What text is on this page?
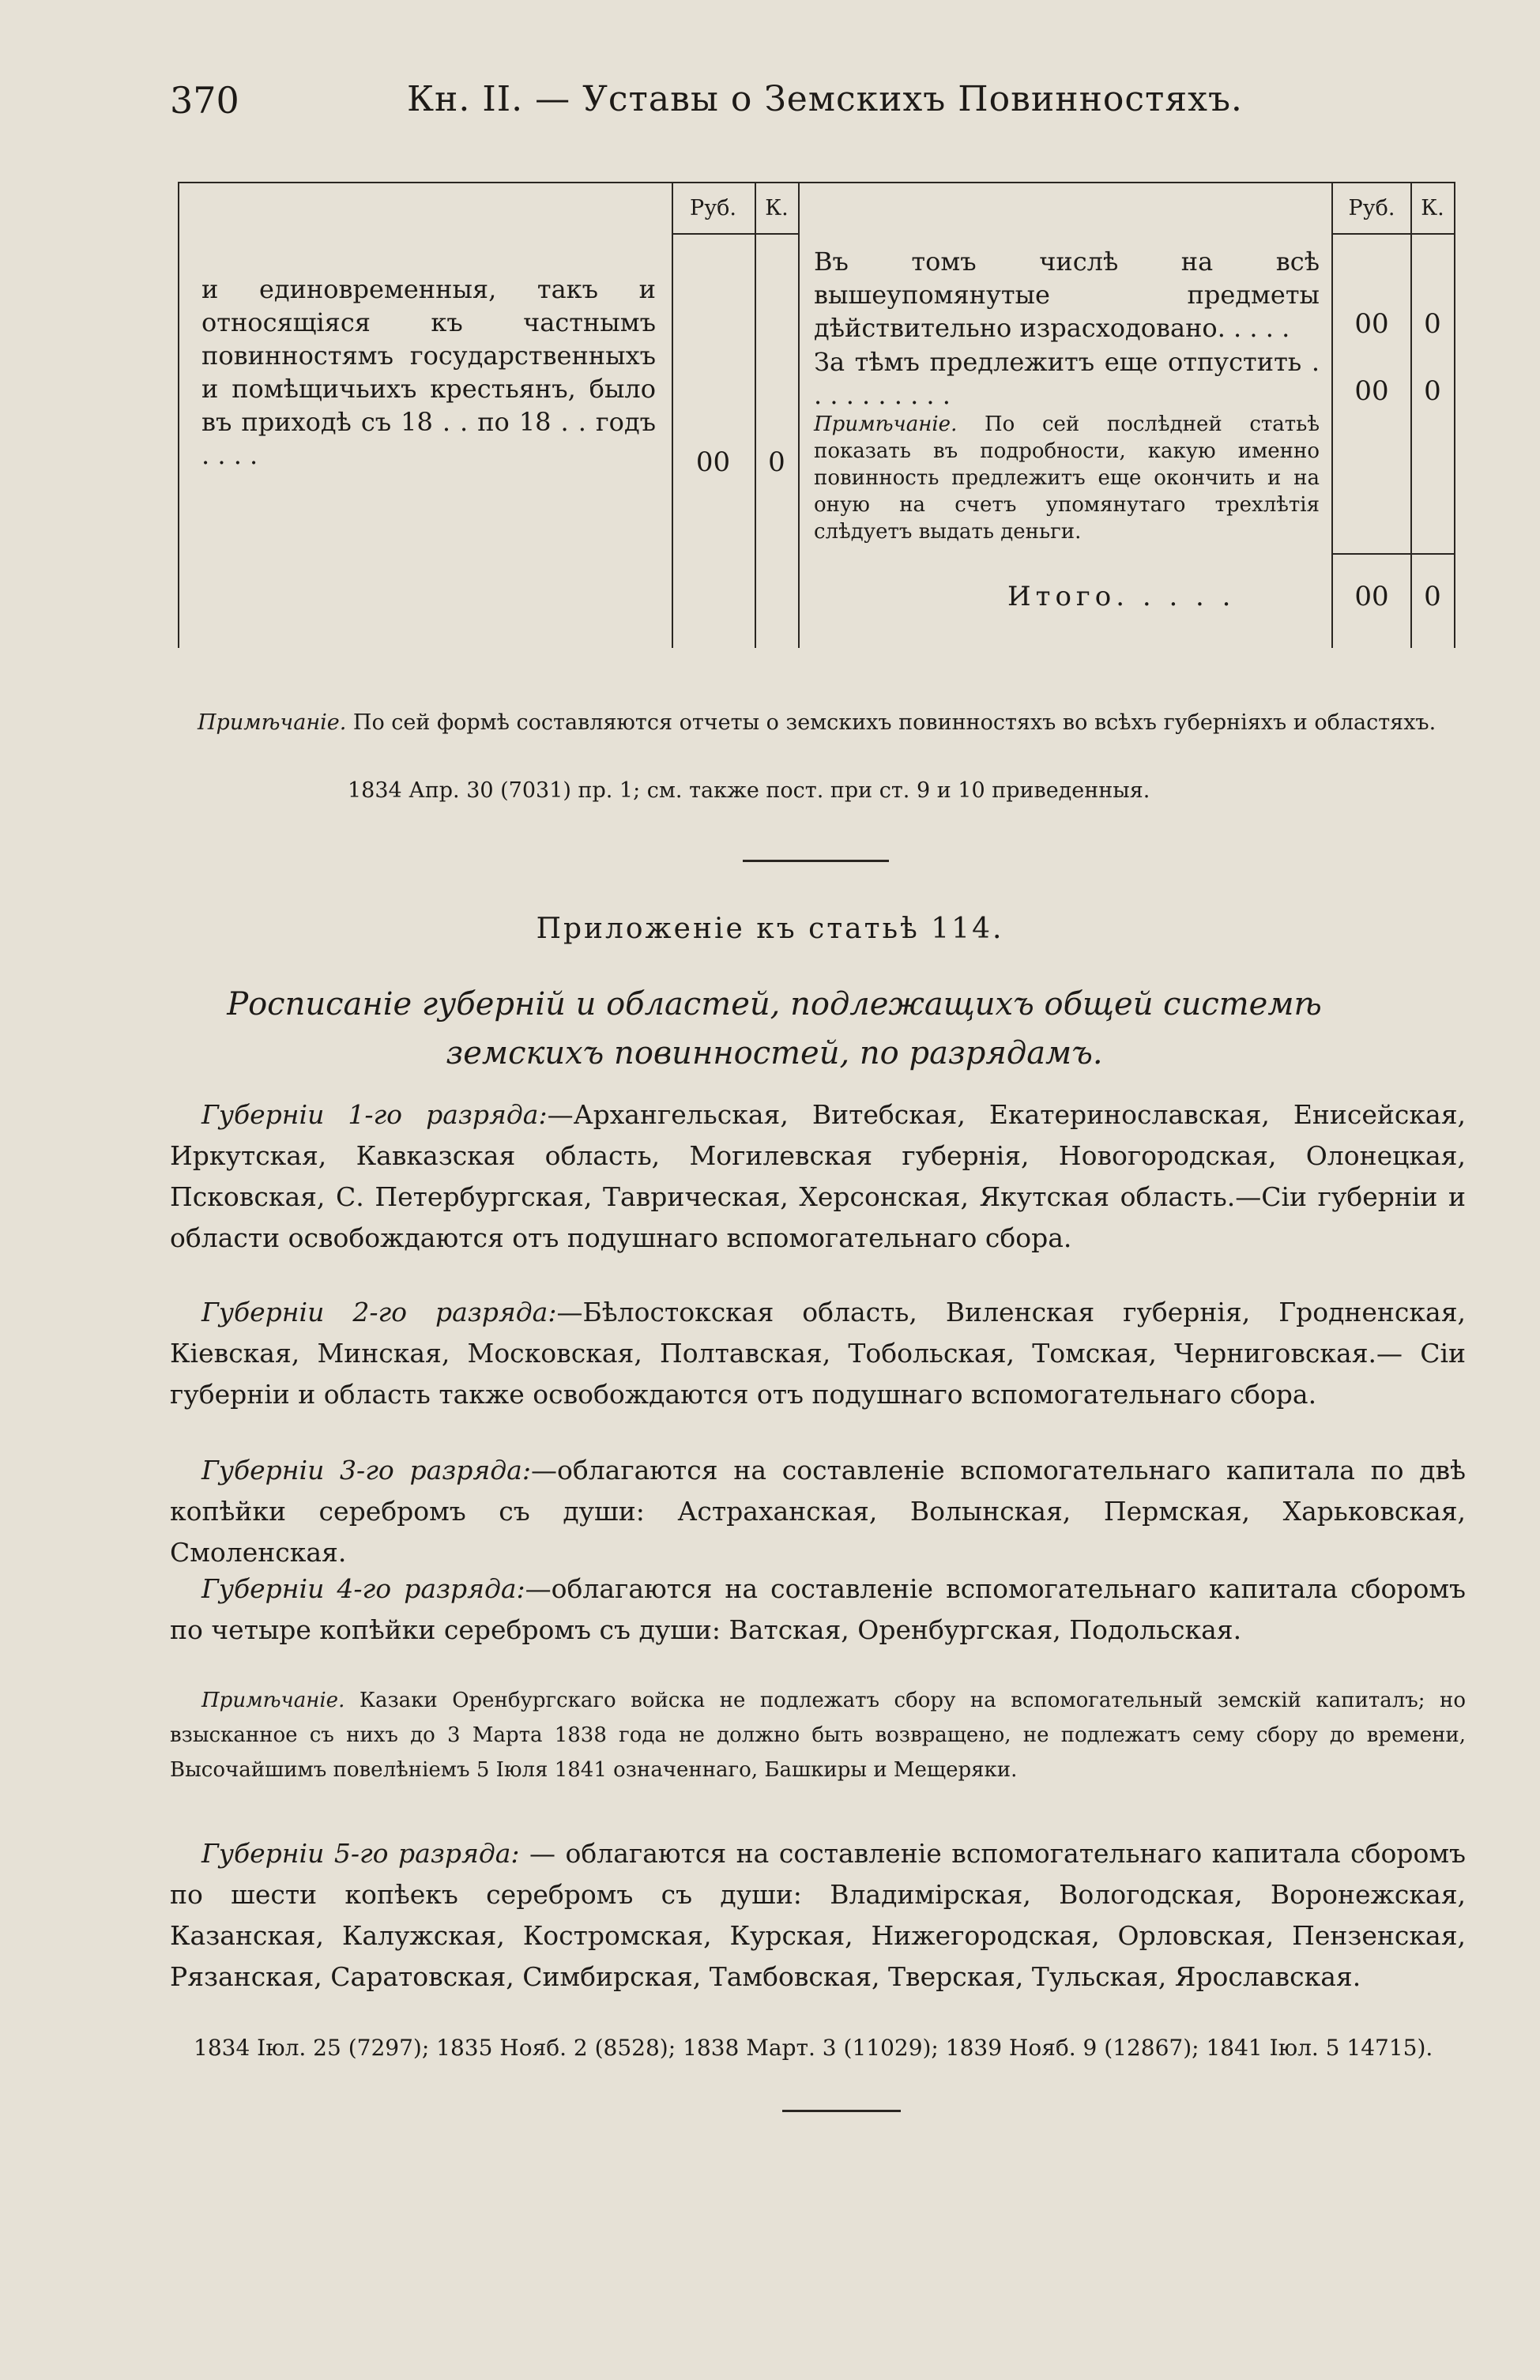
370	Кн. II. — Уставы о Земскихъ Повинностяхъ.
Руб.	К.	Руб.	К.
и единовременныя, такъ и относящіяся къ частнымъ повинностямъ государственныхъ и помѣщичьихъ крестьянъ, было въ приходѣ съ 18 . . по 18 . . годъ . . . .	00	0
Въ томъ числѣ на всѣ вышеупомянутые предметы дѣйствительно израсходовано. . . . .	00	0
За тѣмъ предлежитъ еще отпустить . . . . . . . . . .	00	0
Примѣчаніе. По сей послѣдней статьѣ показать въ подробности, какую именно повинность предлежитъ еще окончить и на оную на счетъ упомянутаго трехлѣтія слѣдуетъ выдать деньги.
Итого. . . . .	00	0
Примѣчаніе. По сей формѣ составляются отчеты о земскихъ повинностяхъ во всѣхъ губерніяхъ и областяхъ.
1834 Апр. 30 (7031) пр. 1; см. также пост. при ст. 9 и 10 приведенныя.
Приложеніе къ статьѣ 114.
Росписаніе губерній и областей, подлежащихъ общей системѣ земскихъ повинностей, по разрядамъ.
Губерніи 1-го разряда:—Архангельская, Витебская, Екатеринославская, Енисейская, Иркутская, Кавказская область, Могилевская губернія, Новогородская, Олонецкая, Псковская, С. Петербургская, Таврическая, Херсонская, Якутская область.—Сіи губерніи и области освобождаются отъ подушнаго вспомогательнаго сбора.
Губерніи 2-го разряда:—Бѣлостокская область, Виленская губернія, Гродненская, Кіевская, Минская, Московская, Полтавская, Тобольская, Томская, Черниговская.— Сіи губерніи и область также освобождаются отъ подушнаго вспомогательнаго сбора.
Губерніи 3-го разряда:—облагаются на составленіе вспомогательнаго капитала по двѣ копѣйки серебромъ съ души: Астраханская, Волынская, Пермская, Харьковская, Смоленская.
Губерніи 4-го разряда:—облагаются на составленіе вспомогательнаго капитала сборомъ по четыре копѣйки серебромъ съ души: Ватская, Оренбургская, Подольская.
Примѣчаніе. Казаки Оренбургскаго войска не подлежатъ сбору на вспомогательный земскій капиталъ; но взысканное съ нихъ до 3 Марта 1838 года не должно быть возвращено, не подлежатъ сему сбору до времени, Высочайшимъ повелѣніемъ 5 Іюля 1841 означеннаго, Башкиры и Мещеряки.
Губерніи 5-го разряда: — облагаются на составленіе вспомогательнаго капитала сборомъ по шести копѣекъ серебромъ съ души: Владимірская, Вологодская, Воронежская, Казанская, Калужская, Костромская, Курская, Нижегородская, Орловская, Пензенская, Рязанская, Саратовская, Симбирская, Тамбовская, Тверская, Тульская, Ярославская.
1834 Іюл. 25 (7297); 1835 Нояб. 2 (8528); 1838 Март. 3 (11029); 1839 Нояб. 9 (12867); 1841 Іюл. 5 14715).
